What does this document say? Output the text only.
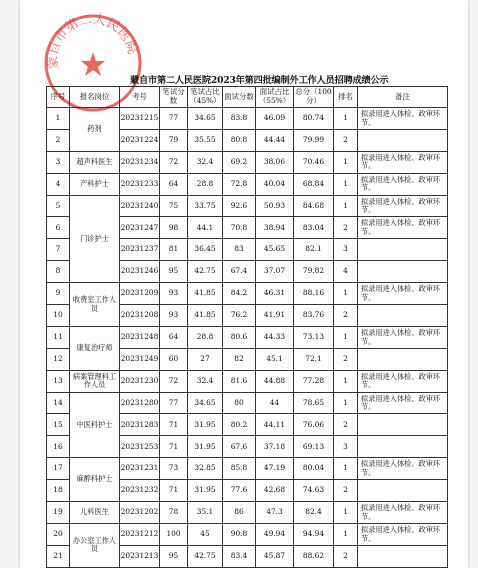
蒙自市第二人民医院
蒙自市第二人民医院2023年第四批编制外工作人员招聘成绩公示
序号	报名岗位	考号	笔试分数	笔试占比（45%）	面试分数	面试占比（55%）	总分（100分）	排名	备注
1	药剂	20231215	77	34.65	83.8	46.09	80.74	1	拟录用进入体检、政审环节。
2		20231224	79	35.55	80.8	44.44	79.99	2	
3	超声科医生	20231234	72	32.4	69.2	38.06	70.46	1	拟录用进入体检、政审环节。
4	产科护士	20231233	64	28.8	72.8	40.04	68.84	1	拟录用进入体检、政审环节。
5	门诊护士	20231240	75	33.75	92.6	50.93	84.68	1	拟录用进入体检、政审环节。
6		20231247	98	44.1	70.8	38.94	83.04	2	拟录用进入体检、政审环节。
7		20231237	81	36.45	83	45.65	82.1	3	
8		20231246	95	42.75	67.4	37.07	79.82	4	
9	收费室工作人员	20231209	93	41.85	84.2	46.31	88.16	1	拟录用进入体检、政审环节。
10		20231208	93	41.85	76.2	41.91	83.76	2	
11	康复治疗师	20231248	64	28.8	80.6	44.33	73.13	1	拟录用进入体检、政审环节。
12		20231249	60	27	82	45.1	72.1	2	
13	病案管理科工作人员	20231230	72	32.4	81.6	44.88	77.28	1	拟录用进入体检、政审环节。
14	中医科护士	20231280	77	34.65	80	44	78.65	1	拟录用进入体检、政审环节。
15		20231283	71	31.95	80.2	44.11	76.06	2	
16		20231253	71	31.95	67.6	37.18	69.13	3	
17	麻醉科护士	20231231	73	32.85	85.8	47.19	80.04	1	拟录用进入体检、政审环节。
18		20231232	71	31.95	77.6	42.68	74.63	2	
19	儿科医生	20231202	78	35.1	86	47.3	82.4	1	拟录用进入体检、政审环节。
20	办公室工作人员	20231212	100	45	90.8	49.94	94.94	1	拟录用进入体检、政审环节。
21		20231213	95	42.75	83.4	45.87	88.62	2	
